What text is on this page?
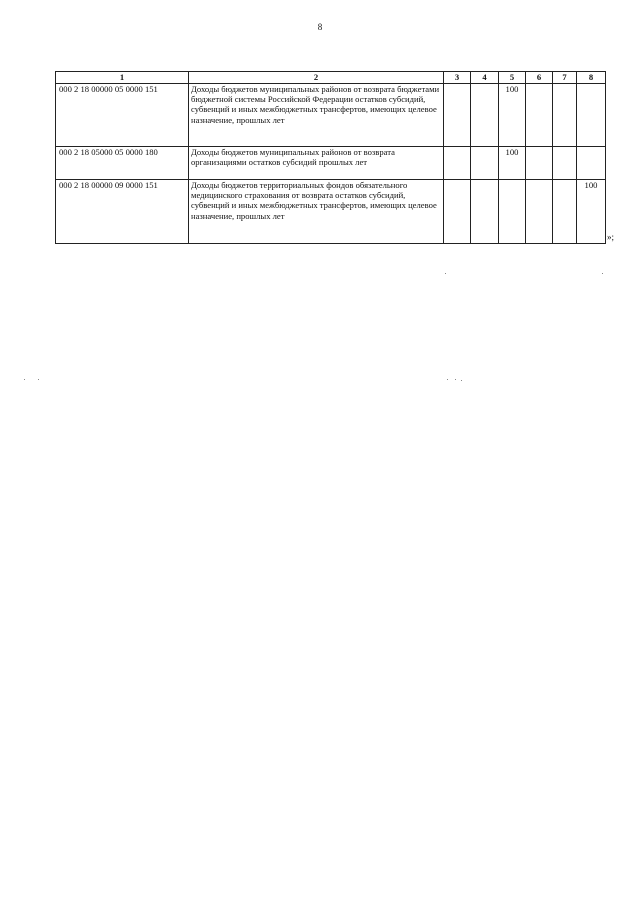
8
1	2	3	4	5	6	7	8
000 2 18 00000 05 0000 151	Доходы бюджетов муниципальных районов от возврата бюджетами бюджетной системы Российской Федерации остатков субсидий, субвенций и иных межбюджетных трансфертов, имеющих целевое назначение, прошлых лет			100			
000 2 18 05000 05 0000 180	Доходы бюджетов муниципальных районов от возврата организациями остатков субсидий прошлых лет			100			
000 2 18 00000 09 0000 151	Доходы бюджетов территориальных фондов обязательного медицинского страхования от возврата остатков субсидий, субвенций и иных межбюджетных трансфертов, имеющих целевое назначение, прошлых лет						100
»;
